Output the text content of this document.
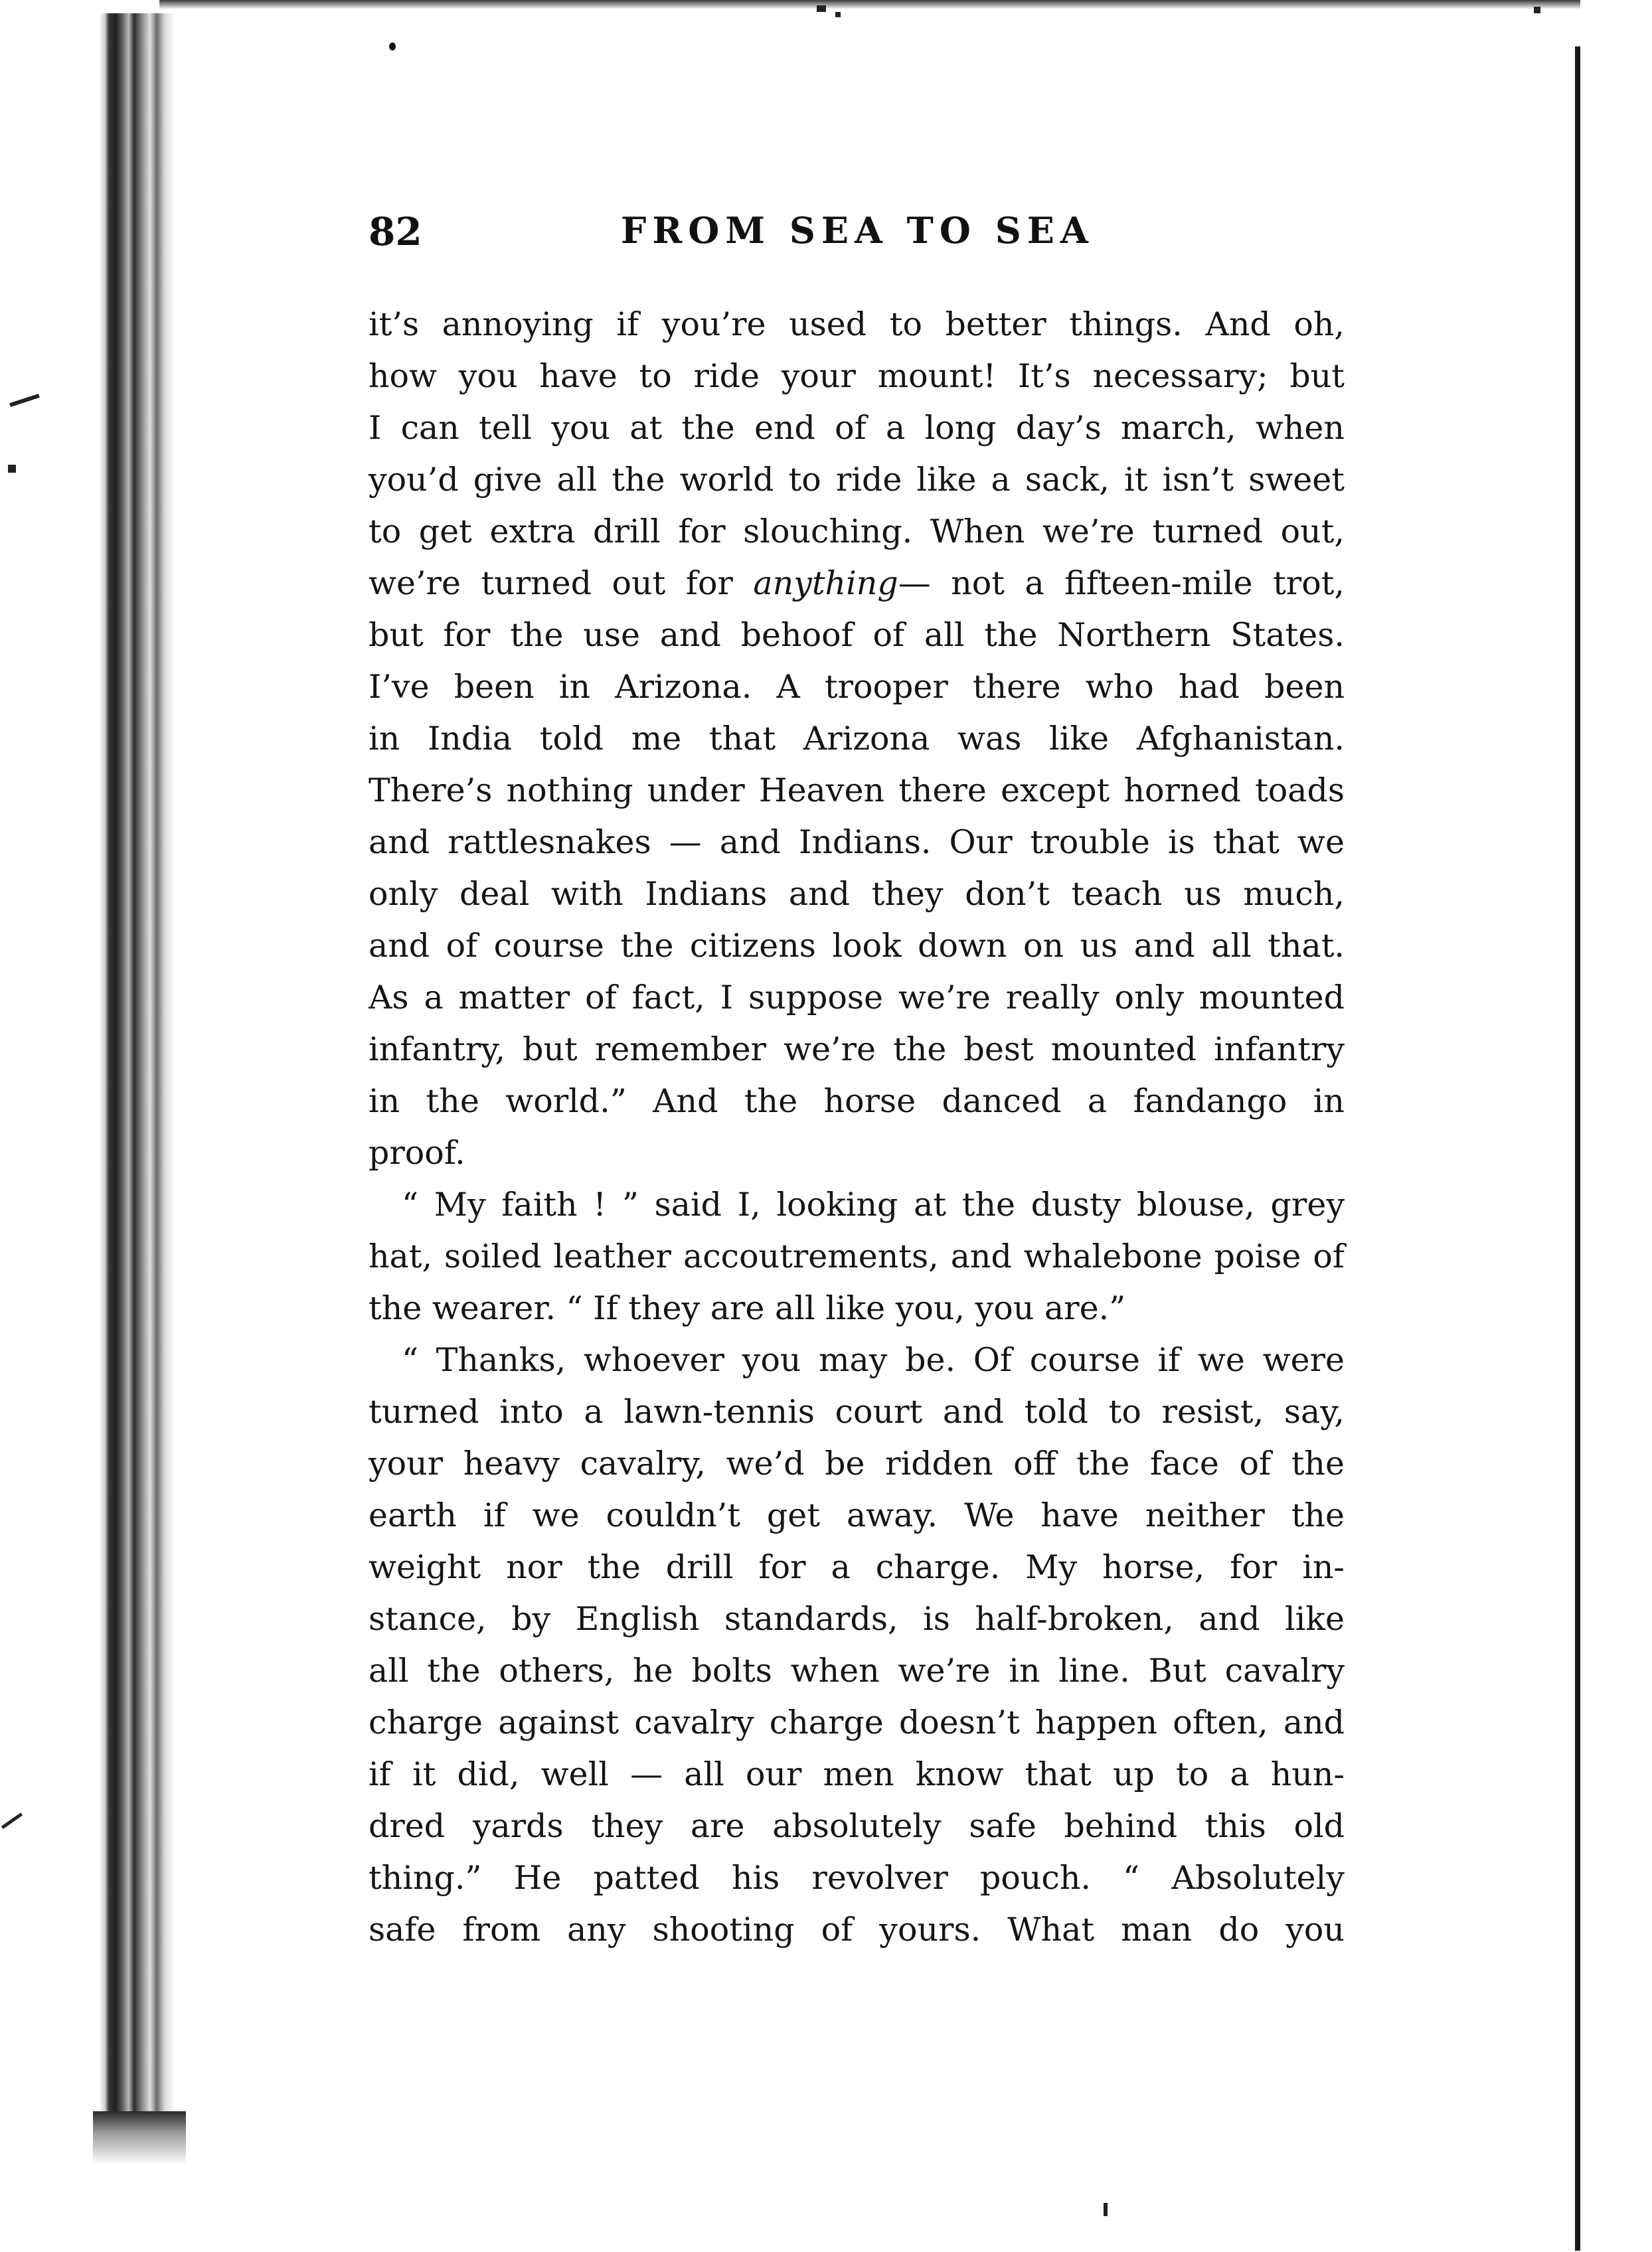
82	FROM SEA TO SEA
it’s annoying if you’re used to better things. And oh,
how you have to ride your mount! It’s necessary; but
I can tell you at the end of a long day’s march, when
you’d give all the world to ride like a sack, it isn’t sweet
to get extra drill for slouching. When we’re turned out,
we’re turned out for anything— not a fifteen-mile trot,
but for the use and behoof of all the Northern States.
I’ve been in Arizona. A trooper there who had been
in India told me that Arizona was like Afghanistan.
There’s nothing under Heaven there except horned toads
and rattlesnakes — and Indians. Our trouble is that we
only deal with Indians and they don’t teach us much,
and of course the citizens look down on us and all that.
As a matter of fact, I suppose we’re really only mounted
infantry, but remember we’re the best mounted infantry
in the world.” And the horse danced a fandango in
proof.
“ My faith ! ” said I, looking at the dusty blouse, grey
hat, soiled leather accoutrements, and whalebone poise of
the wearer. “ If they are all like you, you are.”
“ Thanks, whoever you may be. Of course if we were
turned into a lawn-tennis court and told to resist, say,
your heavy cavalry, we’d be ridden off the face of the
earth if we couldn’t get away. We have neither the
weight nor the drill for a charge. My horse, for in-
stance, by English standards, is half-broken, and like
all the others, he bolts when we’re in line. But cavalry
charge against cavalry charge doesn’t happen often, and
if it did, well — all our men know that up to a hun-
dred yards they are absolutely safe behind this old
thing.” He patted his revolver pouch. “ Absolutely
safe from any shooting of yours. What man do you
